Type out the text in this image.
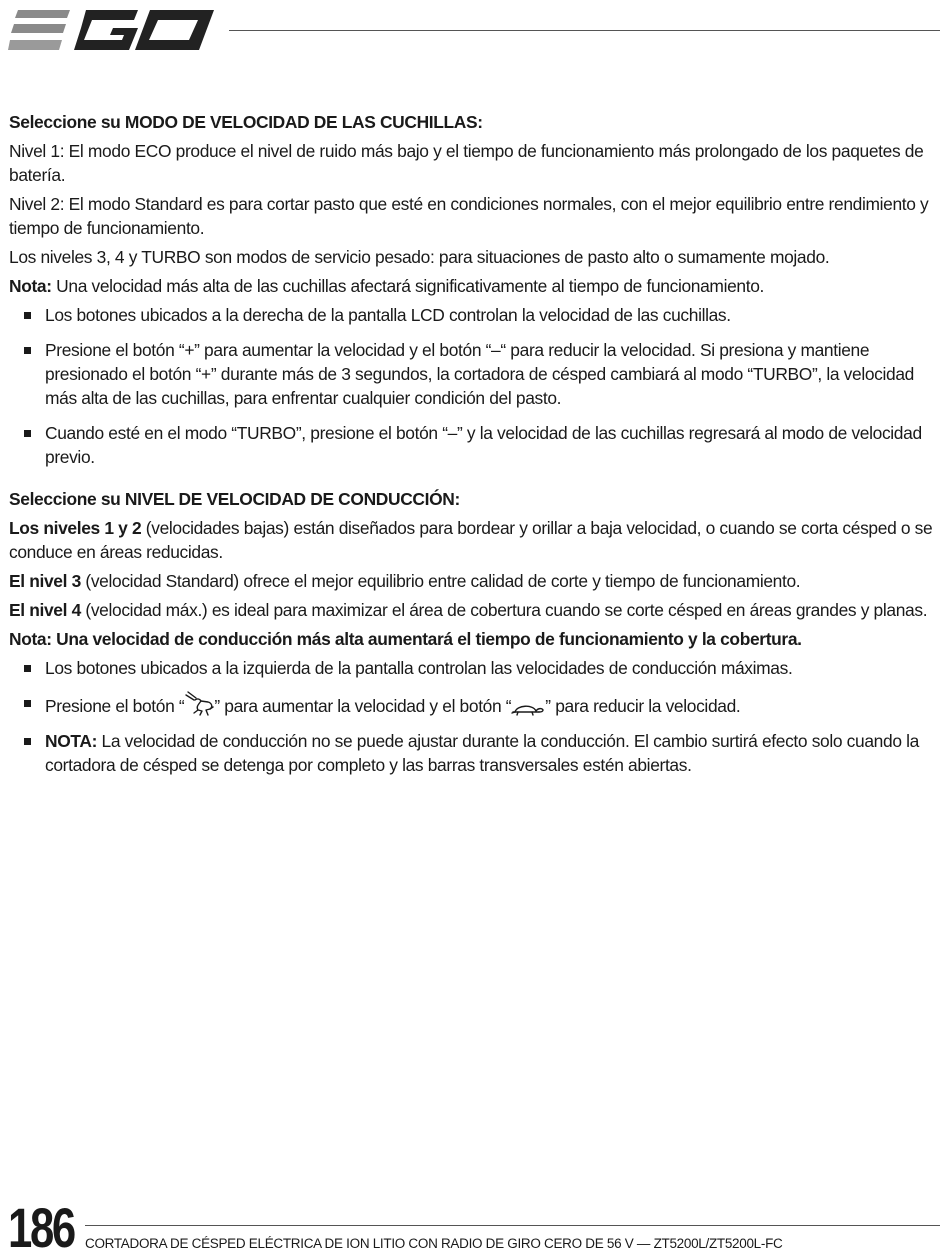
Seleccione su MODO DE VELOCIDAD DE LAS CUCHILLAS:

Nivel 1: El modo ECO produce el nivel de ruido más bajo y el tiempo de funcionamiento más prolongado de los paquetes de batería.

Nivel 2: El modo Standard es para cortar pasto que esté en condiciones normales, con el mejor equilibrio entre rendimiento y tiempo de funcionamiento.

Los niveles 3, 4 y TURBO son modos de servicio pesado: para situaciones de pasto alto o sumamente mojado.

Nota: Una velocidad más alta de las cuchillas afectará significativamente al tiempo de funcionamiento.

Los botones ubicados a la derecha de la pantalla LCD controlan la velocidad de las cuchillas.
Presione el botón “+” para aumentar la velocidad y el botón “–“ para reducir la velocidad. Si presiona y mantiene presionado el botón “+” durante más de 3 segundos, la cortadora de césped cambiará al modo “TURBO”, la velocidad más alta de las cuchillas, para enfrentar cualquier condición del pasto.
Cuando esté en el modo “TURBO”, presione el botón “–” y la velocidad de las cuchillas regresará al modo de velocidad previo.

Seleccione su NIVEL DE VELOCIDAD DE CONDUCCIÓN:

Los niveles 1 y 2 (velocidades bajas) están diseñados para bordear y orillar a baja velocidad, o cuando se corta césped o se conduce en áreas reducidas.

El nivel 3 (velocidad Standard) ofrece el mejor equilibrio entre calidad de corte y tiempo de funcionamiento.

El nivel 4 (velocidad máx.) es ideal para maximizar el área de cobertura cuando se corte césped en áreas grandes y planas.

Nota: Una velocidad de conducción más alta aumentará el tiempo de funcionamiento y la cobertura.

Los botones ubicados a la izquierda de la pantalla controlan las velocidades de conducción máximas.
Presione el botón “ ” para aumentar la velocidad y el botón “ ” para reducir la velocidad.
NOTA: La velocidad de conducción no se puede ajustar durante la conducción. El cambio surtirá efecto solo cuando la cortadora de césped se detenga por completo y las barras transversales estén abiertas.
186 CORTADORA DE CÉSPED ELÉCTRICA DE ION LITIO CON RADIO DE GIRO CERO DE 56 V — ZT5200L/ZT5200L-FC
